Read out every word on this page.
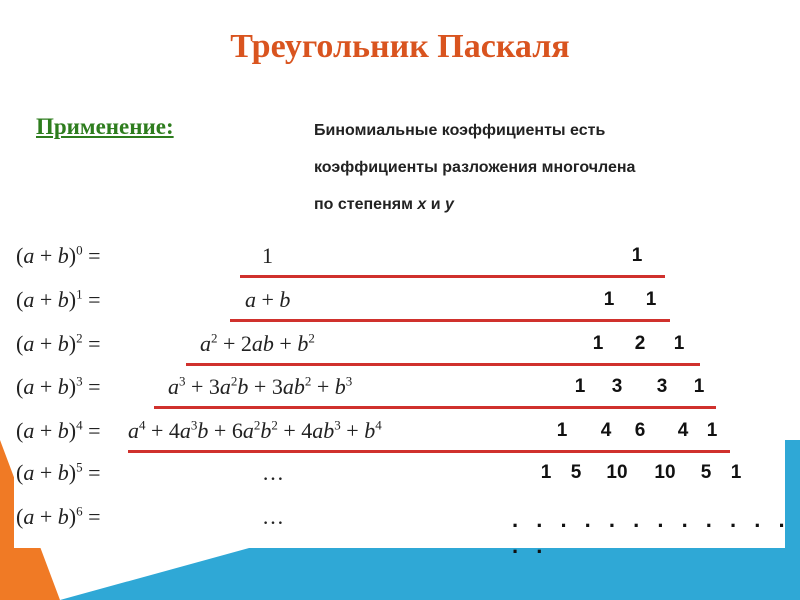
Треугольник Паскаля
Применение:	Биномиальные коэффициенты есть
коэффициенты разложения многочлена
по степеням x и y
$(a + b)^0$ =	1	1
$(a + b)^1$ =	a + b	1 1
$(a + b)^2$ =	$a^2 + 2ab + b^2$	1 2 1
$(a + b)^3$ =	$a^3 + 3a^2b + 3ab^2 + b^3$	1 3 3 1
$(a + b)^4 = a^4 + 4a^3b + 6a^2b^2 + 4ab^3 + b^4$	1 4 6 4 1
$(a + b)^5$ =	…	1 5 10 10 5 1
$(a + b)^6$ =	…	. . . . . . . . . . . . . .
